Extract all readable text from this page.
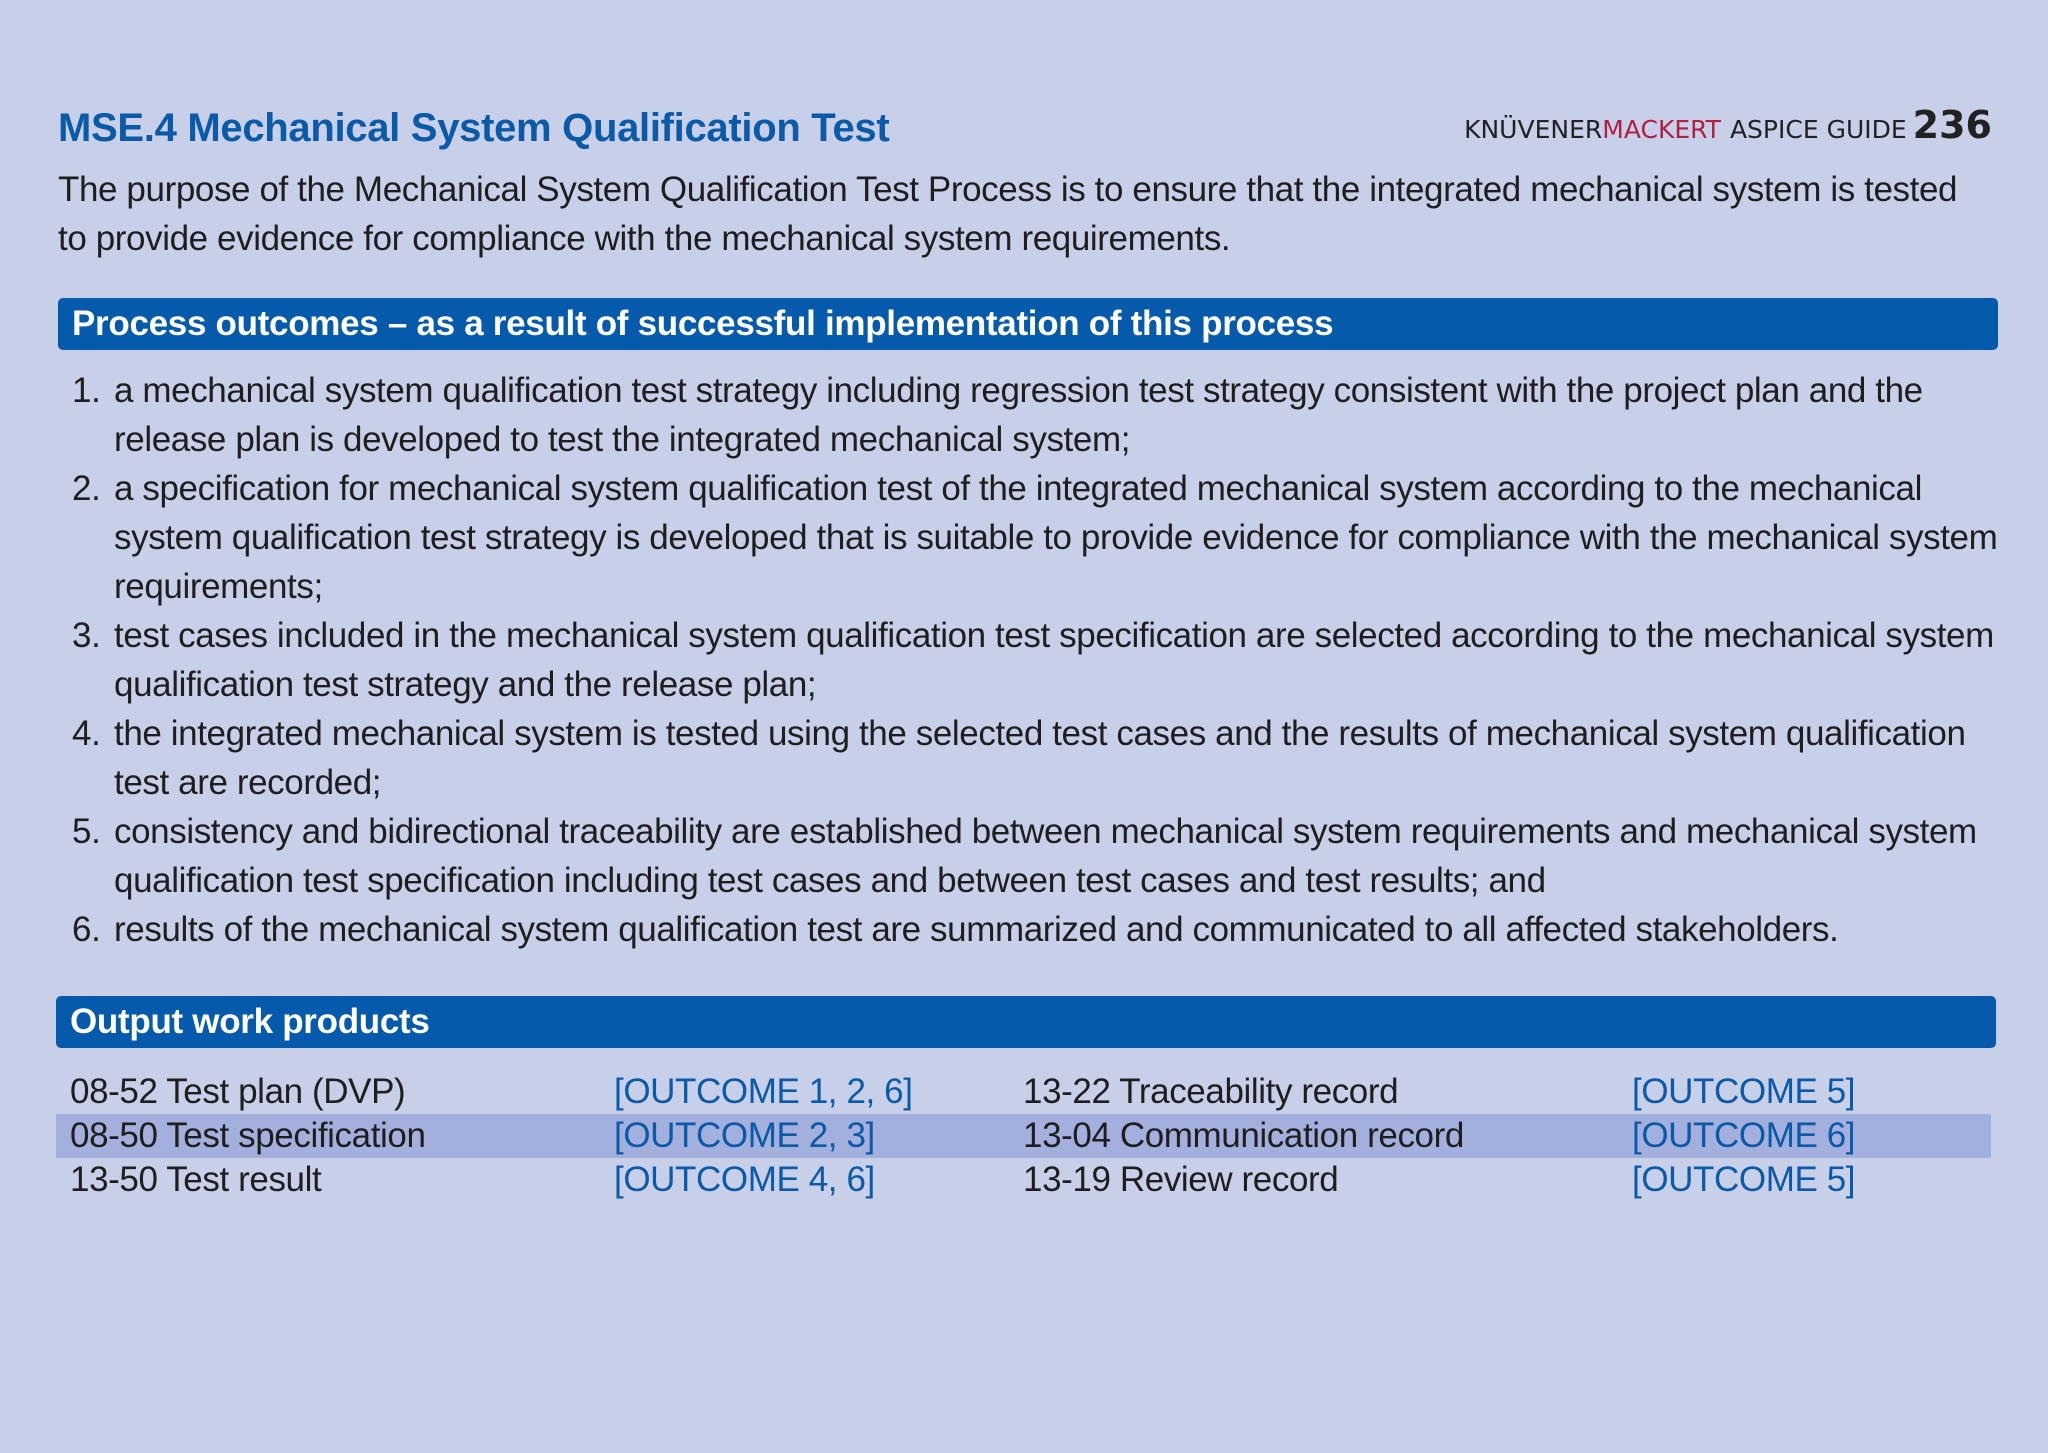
MSE.4 Mechanical System Qualification Test	KNÜVENER MACKERT ASPICE GUIDE 236
The purpose of the Mechanical System Qualification Test Process is to ensure that the integrated mechanical system is tested to provide evidence for compliance with the mechanical system requirements.
Process outcomes – as a result of successful implementation of this process
1. a mechanical system qualification test strategy including regression test strategy consistent with the project plan and the release plan is developed to test the integrated mechanical system;
2. a specification for mechanical system qualification test of the integrated mechanical system according to the mechanical system qualification test strategy is developed that is suitable to provide evidence for compliance with the mechanical system requirements;
3. test cases included in the mechanical system qualification test specification are selected according to the mechanical system qualification test strategy and the release plan;
4. the integrated mechanical system is tested using the selected test cases and the results of mechanical system qualification test are recorded;
5. consistency and bidirectional traceability are established between mechanical system requirements and mechanical system qualification test specification including test cases and between test cases and test results; and
6. results of the mechanical system qualification test are summarized and communicated to all affected stakeholders.
Output work products
08-52 Test plan (DVP)	[OUTCOME 1, 2, 6]	13-22 Traceability record	[OUTCOME 5]
08-50 Test specification	[OUTCOME 2, 3]	13-04 Communication record	[OUTCOME 6]
13-50 Test result	[OUTCOME 4, 6]	13-19 Review record	[OUTCOME 5]
